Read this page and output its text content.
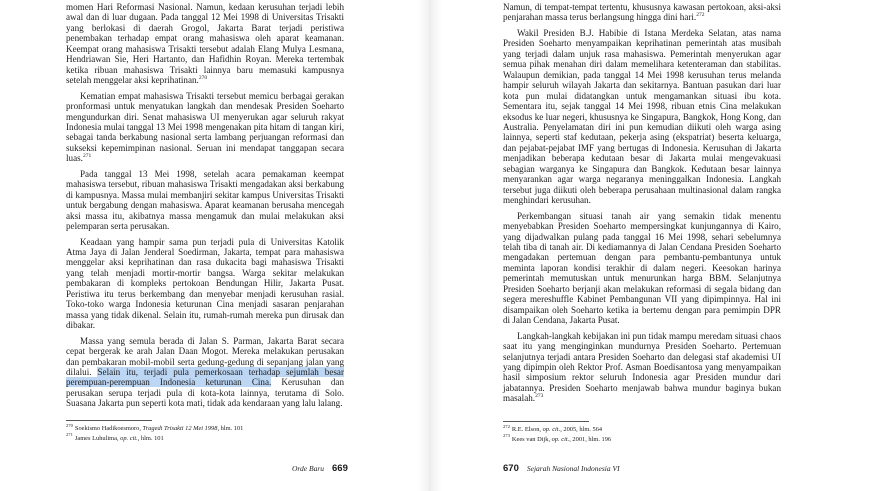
momen Hari Reformasi Nasional. Namun, kedaan kerusuhan terjadi lebih awal dan di luar dugaan. Pada tanggal 12 Mei 1998 di Universitas Trisakti yang berlokasi di daerah Grogol, Jakarta Barat terjadi peristiwa penembakan terhadap empat orang mahasiswa oleh aparat keamanan. Keempat orang mahasiswa Trisakti tersebut adalah Elang Mulya Lesmana, Hendriawan Sie, Heri Hartanto, dan Hafidhin Royan. Mereka tertembak ketika ribuan mahasiswa Trisakti lainnya baru memasuki kampusnya setelah menggelar aksi keprihatinan.$^{270}$

Kematian empat mahasiswa Trisakti tersebut memicu berbagai gerakan pronformasi untuk menyatukan langkah dan mendesak Presiden Soeharto mengundurkan diri. Senat mahasiswa UI menyerukan agar seluruh rakyat Indonesia mulai tanggal 13 Mei 1998 mengenakan pita hitam di tangan kiri, sebagai tanda berkabung nasional serta lambang perjuangan reformasi dan sukseksi kepemimpinan nasional. Seruan ini mendapat tanggapan secara luas.$^{271}$

Pada tanggal 13 Mei 1998, setelah acara pemakaman keempat mahasiswa tersebut, ribuan mahasiswa Trisakti mengadakan aksi berkabung di kampusnya. Massa mulai membanjiri sekitar kampus Universitas Trisakti untuk bergabung dengan mahasiswa. Aparat keamanan berusaha mencegah aksi massa itu, akibatnya massa mengamuk dan mulai melakukan aksi pelemparan serta perusakan.

Keadaan yang hampir sama pun terjadi pula di Universitas Katolik Atma Jaya di Jalan Jenderal Soedirman, Jakarta, tempat para mahasiswa menggelar aksi keprihatinan dan rasa dukacita bagi mahasiswa Trisakti yang telah menjadi mortir-mortir bangsa. Warga sekitar melakukan pembakaran di kompleks pertokoan Bendungan Hilir, Jakarta Pusat. Peristiwa itu terus berkembang dan menyebar menjadi kerusuhan rasial. Toko-toko warga Indonesia keturunan Cina menjadi sasaran penjarahan massa yang tidak dikenal. Selain itu, rumah-rumah mereka pun dirusak dan dibakar.

Massa yang semula berada di Jalan S. Parman, Jakarta Barat secara cepat bergerak ke arah Jalan Daan Mogot. Mereka melakukan perusakan dan pembakaran mobil-mobil serta gedung-gedung di sepanjang jalan yang dilalui. Selain itu, terjadi pula pemerkosaan terhadap sejumlah besar perempuan-perempuan Indonesia keturunan Cina. Kerusuhan dan perusakan serupa terjadi pula di kota-kota lainnya, terutama di Solo. Suasana Jakarta pun seperti kota mati, tidak ada kendaraan yang lalu lalang.

$^{270}$ Soekismo Hadikoesmoro, Tragedi Trisakti 12 Mei 1998, hlm. 101
$^{271}$ James Luhulima, op. cit., hlm. 101
Orde Baru 669

Namun, di tempat-tempat tertentu, khususnya kawasan pertokoan, aksi-aksi penjarahan massa terus berlangsung hingga dini hari.$^{272}$

Wakil Presiden B.J. Habibie di Istana Merdeka Selatan, atas nama Presiden Soeharto menyampaikan keprihatinan pemerintah atas musibah yang terjadi dalam unjuk rasa mahasiswa. Pemerintah menyerukan agar semua pihak menahan diri dalam memelihara ketenteraman dan stabilitas. Walaupun demikian, pada tanggal 14 Mei 1998 kerusuhan terus melanda hampir seluruh wilayah Jakarta dan sekitarnya. Bantuan pasukan dari luar kota pun mulai didatangkan untuk mengamankan situasi ibu kota. Sementara itu, sejak tanggal 14 Mei 1998, ribuan etnis Cina melakukan eksodus ke luar negeri, khususnya ke Singapura, Bangkok, Hong Kong, dan Australia. Penyelamatan diri ini pun kemudian diikuti oleh warga asing lainnya, seperti staf kedutaan, pekerja asing (ekspatriat) beserta keluarga, dan pejabat-pejabat IMF yang bertugas di Indonesia. Kerusuhan di Jakarta menjadikan beberapa kedutaan besar di Jakarta mulai mengevakuasi sebagian warganya ke Singapura dan Bangkok. Kedutaan besar lainnya menyarankan agar warga negaranya meninggalkan Indonesia. Langkah tersebut juga diikuti oleh beberapa perusahaan multinasional dalam rangka menghindari kerusuhan.

Perkembangan situasi tanah air yang semakin tidak menentu menyebabkan Presiden Soeharto mempersingkat kunjungannya di Kairo, yang dijadwalkan pulang pada tanggal 16 Mei 1998, sehari sebelumnya telah tiba di tanah air. Di kediamannya di Jalan Cendana Presiden Soeharto mengadakan pertemuan dengan para pembantu-pembantunya untuk meminta laporan kondisi terakhir di dalam negeri. Keesokan harinya pemerintah memutuskan untuk menurunkan harga BBM. Selanjutnya Presiden Soeharto berjanji akan melakukan reformasi di segala bidang dan segera mereshuffle Kabinet Pembangunan VII yang dipimpinnya. Hal ini disampaikan oleh Soeharto ketika ia bertemu dengan para pemimpin DPR di Jalan Cendana, Jakarta Pusat.

Langkah-langkah kebijakan ini pun tidak mampu meredam situasi chaos saat itu yang menginginkan mundurnya Presiden Soeharto. Pertemuan selanjutnya terjadi antara Presiden Soeharto dan delegasi staf akademisi UI yang dipimpin oleh Rektor Prof. Asman Boedisantosa yang menyampaikan hasil simposium rektor seluruh Indonesia agar Presiden mundur dari jabatannya. Presiden Soeharto menjawab bahwa mundur baginya bukan masalah.$^{273}$

$^{272}$ R.E. Elson, op. cit., 2005, hlm. 564
$^{273}$ Kees van Dijk, op. cit., 2001, hlm. 196
670 Sejarah Nasional Indonesia VI
